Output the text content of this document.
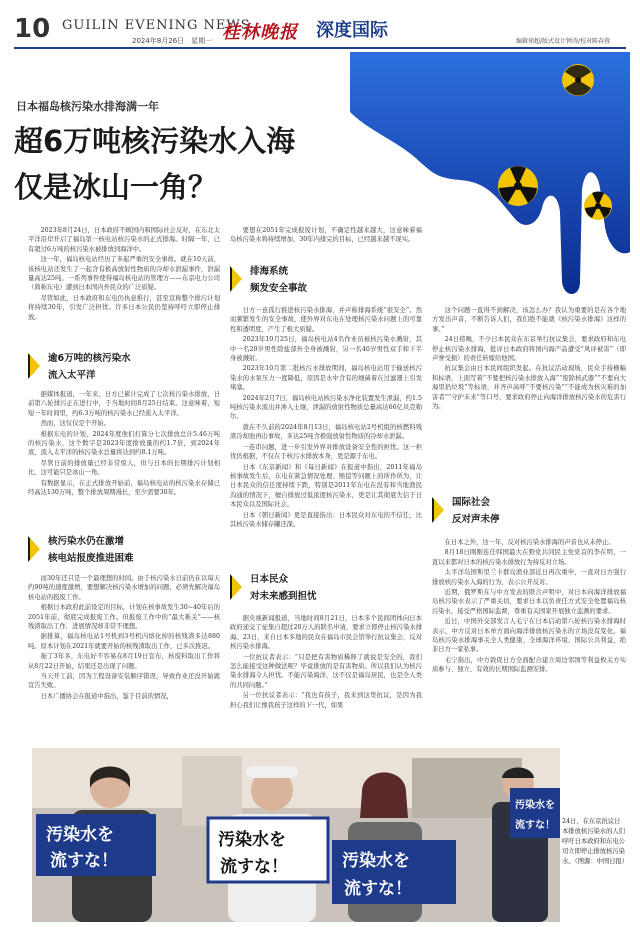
10 GUILIN EVENING NEWS
2024年8月26日　星期一 桂林晚报 深度国际
编辑徐超/版式设计钟涛/校对陈春蓉
日本福岛核污染水排海满一年
超6万吨核污染水入海
仅是冰山一角？

2023年8月24日，日本政府不顾国内和国际社会反对，在东北太平洋沿岸开启了福岛第一核电站核污染水的正式排海。时隔一年，已有超过6万吨的核污染水被排放到海洋中。

这一年，福岛核电站经历了多起严重的安全事故。就在10天前，该核电站还发生了一起含有极高放射性物质的冷却水泄漏事件，泄漏量高达25吨。一系列事件使得福岛核电站的管理方——东京电力公司（简称东电）遭到日本国内外民众的广泛质疑。

尽管如此，日本政府和东电仍执意推行，甚至宣称整个排污计划将持续30年，引发广泛担忧。许多日本公民仍坚持呼吁立即停止排放。

逾6万吨的核污染水
流入太平洋

据媒体报道，一年来，日方已累计完成了七次核污染水排放，日前第八轮排污正在进行中，于当地时间8月25日结束。这意味着，短短一年时间里，约6.3万吨的核污染水已经流入太平洋。

然而，这仅仅是个开始。

根据东电的计划，2024年度他们打算分七次排放总计5.46万吨的核污染水，这个数字是2023年度排放量的约1.7倍，到2024年底，流入太平洋的核污染水总量将达到约8.1万吨。

尽管日前的排放量已经非常惊人，但与日本的长期排污计划相比，这可能只是冰山一角。

有数据显示，在正式排放开始前，福岛核电站的核污染水存储已经高达130万吨，整个排放周期漫长，至少需要30年。

核污染水仍在激增
核电站报废推进困难

而30年还只是一个最理想的时间。由于核污染水日前仍在以每天约90吨的速度激增，要想解决核污染水增加的问题，必须先解决福岛核电站的报废工作。

根据日本政府此前设定的目标，计划在核事故发生30~40年后的2051年前，彻底完成报废工作。但报废工作中的“最大难关”——核残渣取出工作，进展情况却非常不理想。

据推算，福岛核电站1号机到3号机内熔化掉的核残渣多达880吨。原本计划在2021年就要开始的核残渣取出工作，已多次推迟。

拖了3年多，东电好不容易在8月19日宣布，核废料取出工作将从8月22日开始，结果还是出现了问题。

当天开工前，因为工程设备安装顺序错误，导致作业还没开始就宣告失败。

日本广播协会在报道中指出，鉴于目前的情况，

要想在2051年完成报废计划，不确定性越来越大，这意味着福岛核污染水将持续增加，30年内排完的目标，已经越来越不现实。

排海系统
频发安全事故

日方一意孤行推进核污染水排海，并声称排海系统“很安全”。然而频繁发生的安全事故，使外界对东电在处理核污染水问题上的可靠性和透明度，产生了极大质疑。

2023年10月25日，福岛核电站4名作业员被核污染水溅射，其中一名20岁男性除盐部外全身被溅射，另一名40岁男性双手和下半身被溅射。

2023年10月第二批核污水排放期间，福岛核电站用于输送核污染水的水泵压力一度降低，原因是水中含有的细菌着在过滤器上引发堵塞。

2024年2月7日，福岛核电站核污染水净化装置发生泄漏，约1.5吨核污染水流出并渗入土壤，泄漏的放射性物质总量高达66亿贝克勒尔。

就在不久前的2024年8月13日，福岛核电站2号机组的核燃料残渣冷却池再出事故，多达25吨含极强放射性物质的冷却水泄漏。

一连串问题，进一步引发外界对排放设备安全性的担忧。这一担忧仍根据，不仅在于核污水排放本身，更是源于东电。

日本《东京新闻》和《每日新闻》在报道中指出，2011年福岛核事故发生后，东电在紧急情况处理、赔偿等问题上的所作所为，让日本民众的信任度持续下跌，特别是2011年东电在没有和当地渔民沟通的情况下，擅自排放过低浓度核污染水，更是让其彻底失信于日本民众以及国际社会。

日本《朝日新闻》更是直接指出：日本民众对东电的不信任，比其核污染水储存罐还深。

日本民众
对未来感到担忧

据央视新闻报道，当地时间8月21日，日本多个民间团体向日本政府递交了征集自超过20万人的联名申请，要求立即停止核污染水排海。23日，来自日本多地的民众在福岛市民会馆举行抗议集会，反对核污染水排海。

一位抗议者表示：“只是把有害物质稀释了就说是安全的，我们怎么能接受这种做法呢？毕竟排放的是有害物质。所以我们认为核污染水排海令人担忧。不能污染海洋，这不仅是福岛居民，也是全人类的共同问题。”

另一位抗议者表示：“我也有孩子，我来到这里抗议，是因为我担心我们让像我孩子这样的下一代，如果

这个问题一直得不到解决，该怎么办？我认为重要的是在各个地方发出声音，不断告诉人们，我们绝不能就《核污染水排海》这样的事。”

24日傍晚，不少日本民众在东京举行抗议集会，要求政府和东电停止核污染水排海，批评日本政府将国内海产品遭受“风评被害”（即声誉受损）的责任转嫁给他国。

抗议集会由日本民间组织发起。在抗议活动现场，民众手持横幅和标语，上面写着“不要把核污染水排放入海”“废除核武器”“不要向大海里扔垃圾”等标语，并齐声高呼“不要核污染”“不能成为核灾难的加害者”“守护未来”等口号，要求政府停止向海洋排放核污染水的危害行为。

国际社会
反对声未停

在日本之外，这一年，反对核污染水排海的声音也从未停止。

8月18日刚刚连任韩国最大在野党共同民主党党首的李在明，一直以来都对日本的核污染水排放行为持反对立场。

太平洋岛国斯里兰卡群岛渔业部近日再次重申，一直对日方强行排放核污染水入海的行为，表示公开反对。

近期，俄罗斯在与中方发表的联合声明中，对日本向海洋排放福岛核污染水表示了严重关切，要求日本以负责任方式安全处置福岛核污染水，接受严格国际监督，尊重有关国家开展独立监测的要求。

近日，中国外交部发言人毛宁在日本启动第八轮核污染水排海时表示，中方反对日本单方面向海洋排放核污染水的立场没有变化。福岛核污染水排海事关全人类健康、全球海洋环境、国际公共利益，绝非日方一家私事。

毛宁指出，中方敦促日方全面配合建立周边邻国等利益攸关方实质参与、独立、有效的长期国际监测安排。

汚染水を
流すな！
汚染水を
流すな！	汚染水を
流すな！
汚染水を
流すな！ 24日，在东京抗议日本排放核污染水的人们呼吁日本政府和东电公司立即停止排放核污染水。（图源：中国日报）
